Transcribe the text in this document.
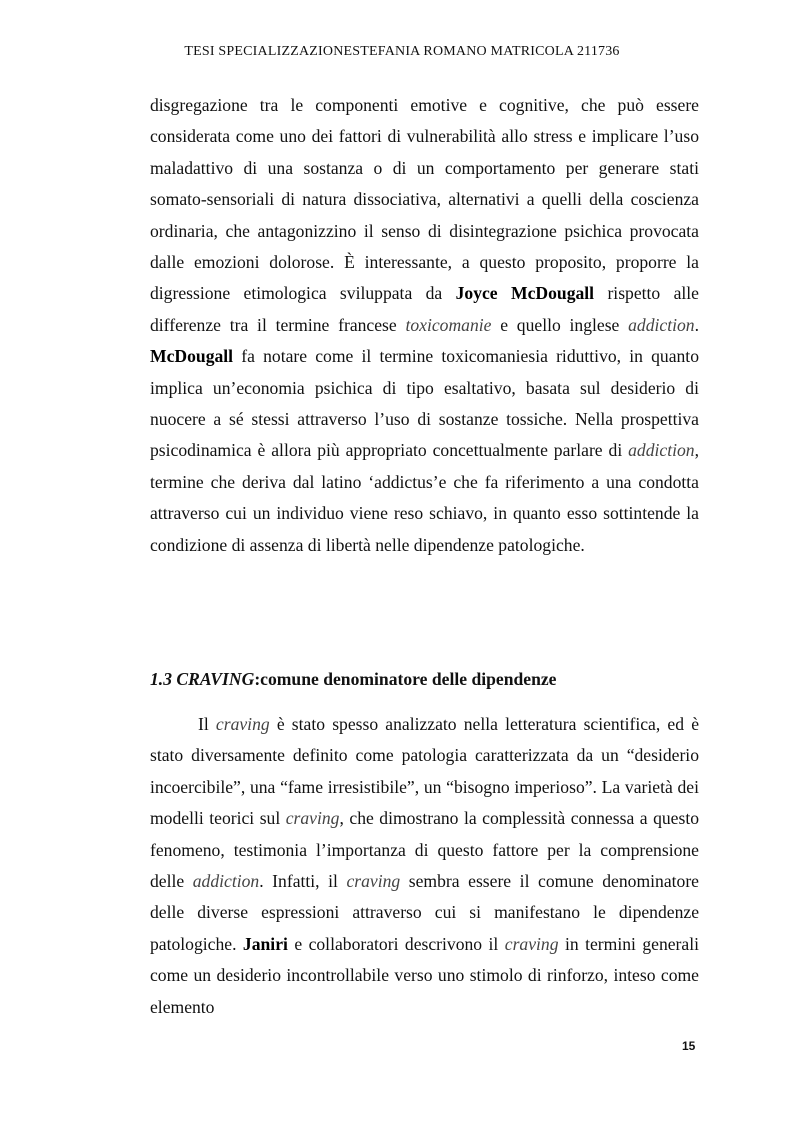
TESI SPECIALIZZAZIONESTEFANIA ROMANO MATRICOLA 211736

disgregazione tra le componenti emotive e cognitive, che può essere considerata come uno dei fattori di vulnerabilità allo stress e implicare l’uso maladattivo di una sostanza o di un comportamento per generare stati somato-sensoriali di natura dissociativa, alternativi a quelli della coscienza ordinaria, che antagonizzino il senso di disintegrazione psichica provocata dalle emozioni dolorose. È interessante, a questo proposito, proporre la digressione etimologica sviluppata da Joyce McDougall rispetto alle differenze tra il termine francese toxicomanie e quello inglese addiction. McDougall fa notare come il termine toxicomaniesia riduttivo, in quanto implica un’economia psichica di tipo esaltativo, basata sul desiderio di nuocere a sé stessi attraverso l’uso di sostanze tossiche. Nella prospettiva psicodinamica è allora più appropriato concettualmente parlare di addiction, termine che deriva dal latino ‘addictus’e che fa riferimento a una condotta attraverso cui un individuo viene reso schiavo, in quanto esso sottintende la condizione di assenza di libertà nelle dipendenze patologiche.

1.3 CRAVING:comune denominatore delle dipendenze

Il craving è stato spesso analizzato nella letteratura scientifica, ed è stato diversamente definito come patologia caratterizzata da un “desiderio incoercibile”, una “fame irresistibile”, un “bisogno imperioso”. La varietà dei modelli teorici sul craving, che dimostrano la complessità connessa a questo fenomeno, testimonia l’importanza di questo fattore per la comprensione delle addiction. Infatti, il craving sembra essere il comune denominatore delle diverse espressioni attraverso cui si manifestano le dipendenze patologiche. Janiri e collaboratori descrivono il craving in termini generali come un desiderio incontrollabile verso uno stimolo di rinforzo, inteso come elemento

15
